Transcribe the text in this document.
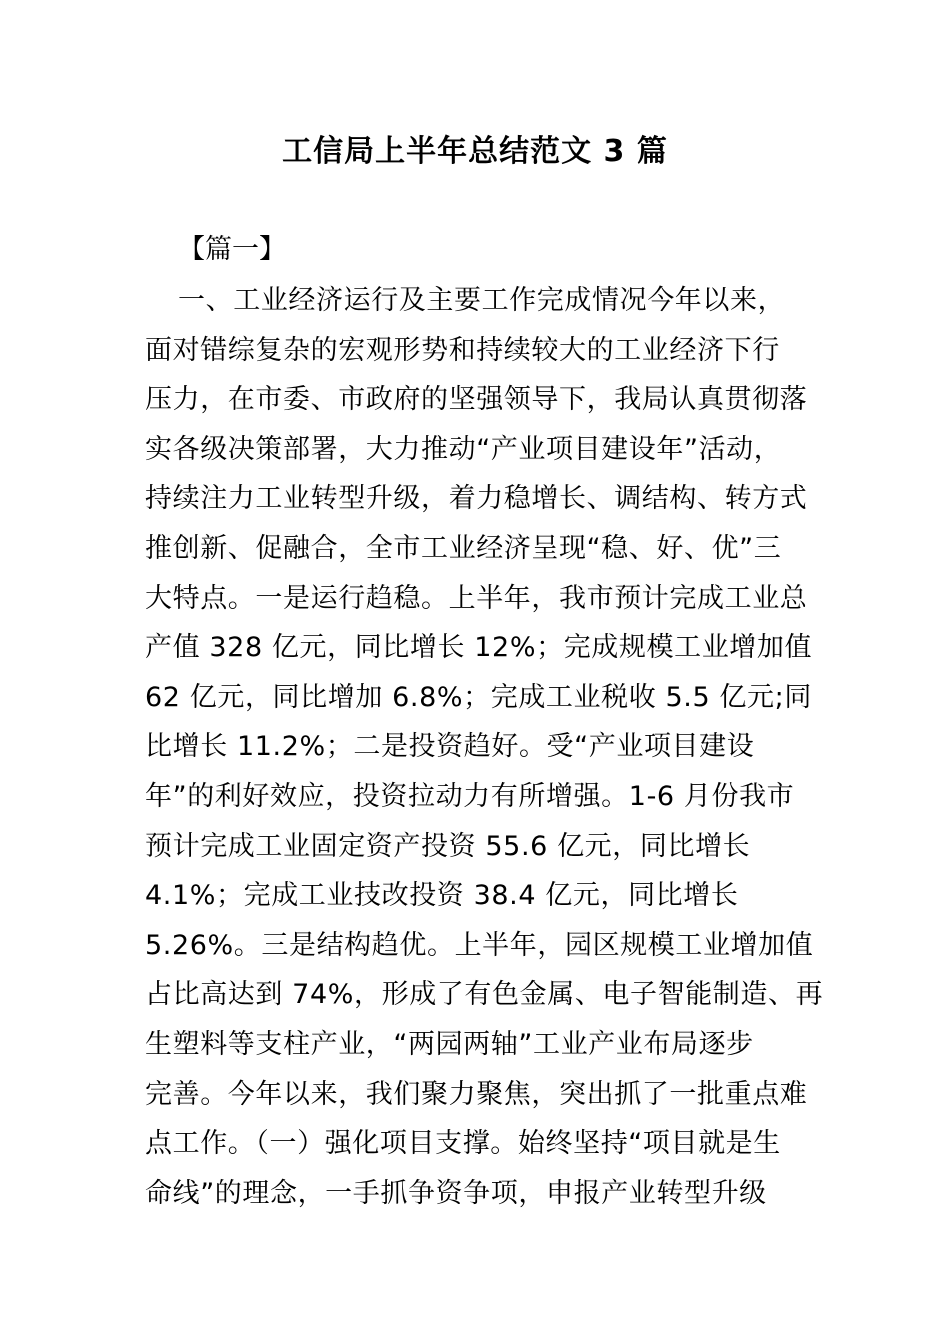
工信局上半年总结范文 3 篇
【篇一】
一、工业经济运行及主要工作完成情况今年以来，
面对错综复杂的宏观形势和持续较大的工业经济下行
压力，在市委、市政府的坚强领导下，我局认真贯彻落
实各级决策部署，大力推动“产业项目建设年”活动，
持续注力工业转型升级，着力稳增长、调结构、转方式
推创新、促融合，全市工业经济呈现“稳、好、优”三
大特点。一是运行趋稳。上半年，我市预计完成工业总
产值 328 亿元，同比增长 12%；完成规模工业增加值
62 亿元，同比增加 6.8%；完成工业税收 5.5 亿元;同
比增长 11.2%；二是投资趋好。受“产业项目建设
年”的利好效应，投资拉动力有所增强。1-6 月份我市
预计完成工业固定资产投资 55.6 亿元，同比增长
4.1%；完成工业技改投资 38.4 亿元，同比增长
5.26%。三是结构趋优。上半年，园区规模工业增加值
占比高达到 74%，形成了有色金属、电子智能制造、再
生塑料等支柱产业，“两园两轴”工业产业布局逐步
完善。今年以来，我们聚力聚焦，突出抓了一批重点难
点工作。（一）强化项目支撑。始终坚持“项目就是生
命线”的理念，一手抓争资争项，申报产业转型升级
